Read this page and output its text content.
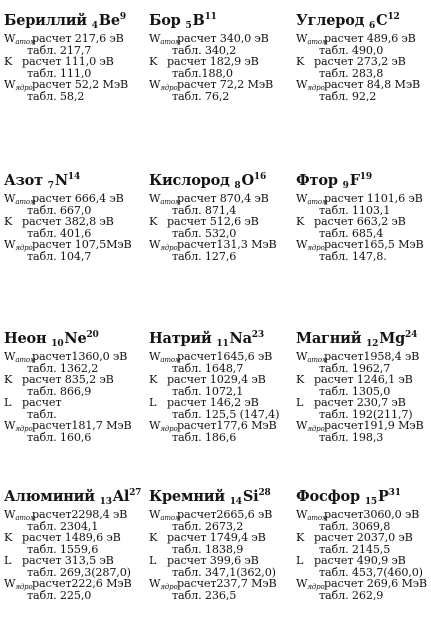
Бериллий $_4Be^9$
$W_{атом}$
расчет 217,6 эВ
табл. 217,7
K расчет 111,0 эВ
табл. 111,0
$W_{ядро}$ расчет 52,2 МэВ
табл. 58,2
Бор $_5B^{11}$
$W_{атом}$
расчет 340,0 эВ
табл. 340,2
K расчет 182,9 эВ
табл.188,0
$W_{ядро}$ расчет 72,2 МэВ
табл. 76,2
Углерод $_6C^{12}$
$W_{атом}$
расчет 489,6 эВ
табл. 490,0
K расчет 273,2 эВ
табл. 283,8
$W_{ядро}$ расчет 84,8 МэВ
табл. 92,2
Азот $_7N^{14}$
$W_{атом}$
расчет 666,4 эВ
табл. 667,0
K расчет 382,8 эВ
табл. 401,6
$W_{ядро}$ расчет 107,5МэВ
табл. 104,7
Кислород $_8O^{16}$
$W_{атом}$
расчет 870,4 эВ
табл. 871,4
K расчет 512,6 эВ
табл. 532,0
$W_{ядро}$ расчет131,3 МэВ
табл. 127,6
Фтор $_9F^{19}$
$W_{атом}$
расчет 1101,6 эВ
табл. 1103,1
K расчет 663,2 эВ
табл. 685,4
$W_{ядро}$ расчет165,5 МэВ
табл. 147,8.
Неон $_{10}Ne^{20}$
$W_{атом}$
расчет1360,0 эВ
табл. 1362,2
K расчет 835,2 эВ
табл. 866,9
L расчет
табл.
$W_{ядро}$ расчет181,7 МэВ
табл. 160,6
Натрий $_{11}Na^{23}$
$W_{атом}$
расчет1645,6 эВ
табл. 1648,7
K расчет 1029,4 эВ
табл. 1072,1
L расчет 146,2 эВ
табл. 125,5 (147,4)
$W_{ядро}$ расчет177,6 МэВ
табл. 186,6
Магний $_{12}Mg^{24}$
$W_{атом}$
расчет1958,4 эВ
табл. 1962,7
K расчет 1246,1 эВ
табл. 1305,0
L расчет 230,7 эВ
табл. 192(211,7)
$W_{ядро}$ расчет191,9 МэВ
табл. 198,3
Алюминий $_{13}Al^{27}$
$W_{атом}$
расчет2298,4 эВ
табл. 2304,1
K расчет 1489,6 эВ
табл. 1559,6
L расчет 313,5 эВ
табл. 269,3(287,0)
$W_{ядро}$ расчет222,6 МэВ
табл. 225,0
Кремний $_{14}Si^{28}$
$W_{атом}$
расчет2665,6 эВ
табл. 2673,2
K расчет 1749,4 эВ
табл. 1838,9
L расчет 399,6 эВ
табл. 347,1(362,0)
$W_{ядро}$ расчет237,7 МэВ
табл. 236,5
Фосфор $_{15}P^{31}$
$W_{атом}$
расчет3060,0 эВ
табл. 3069,8
K расчет 2037,0 эВ
табл. 2145,5
L расчет 490,9 эВ
табл. 453,7(460,0)
$W_{ядро}$ расчет 269,6 МэВ
табл. 262,9
